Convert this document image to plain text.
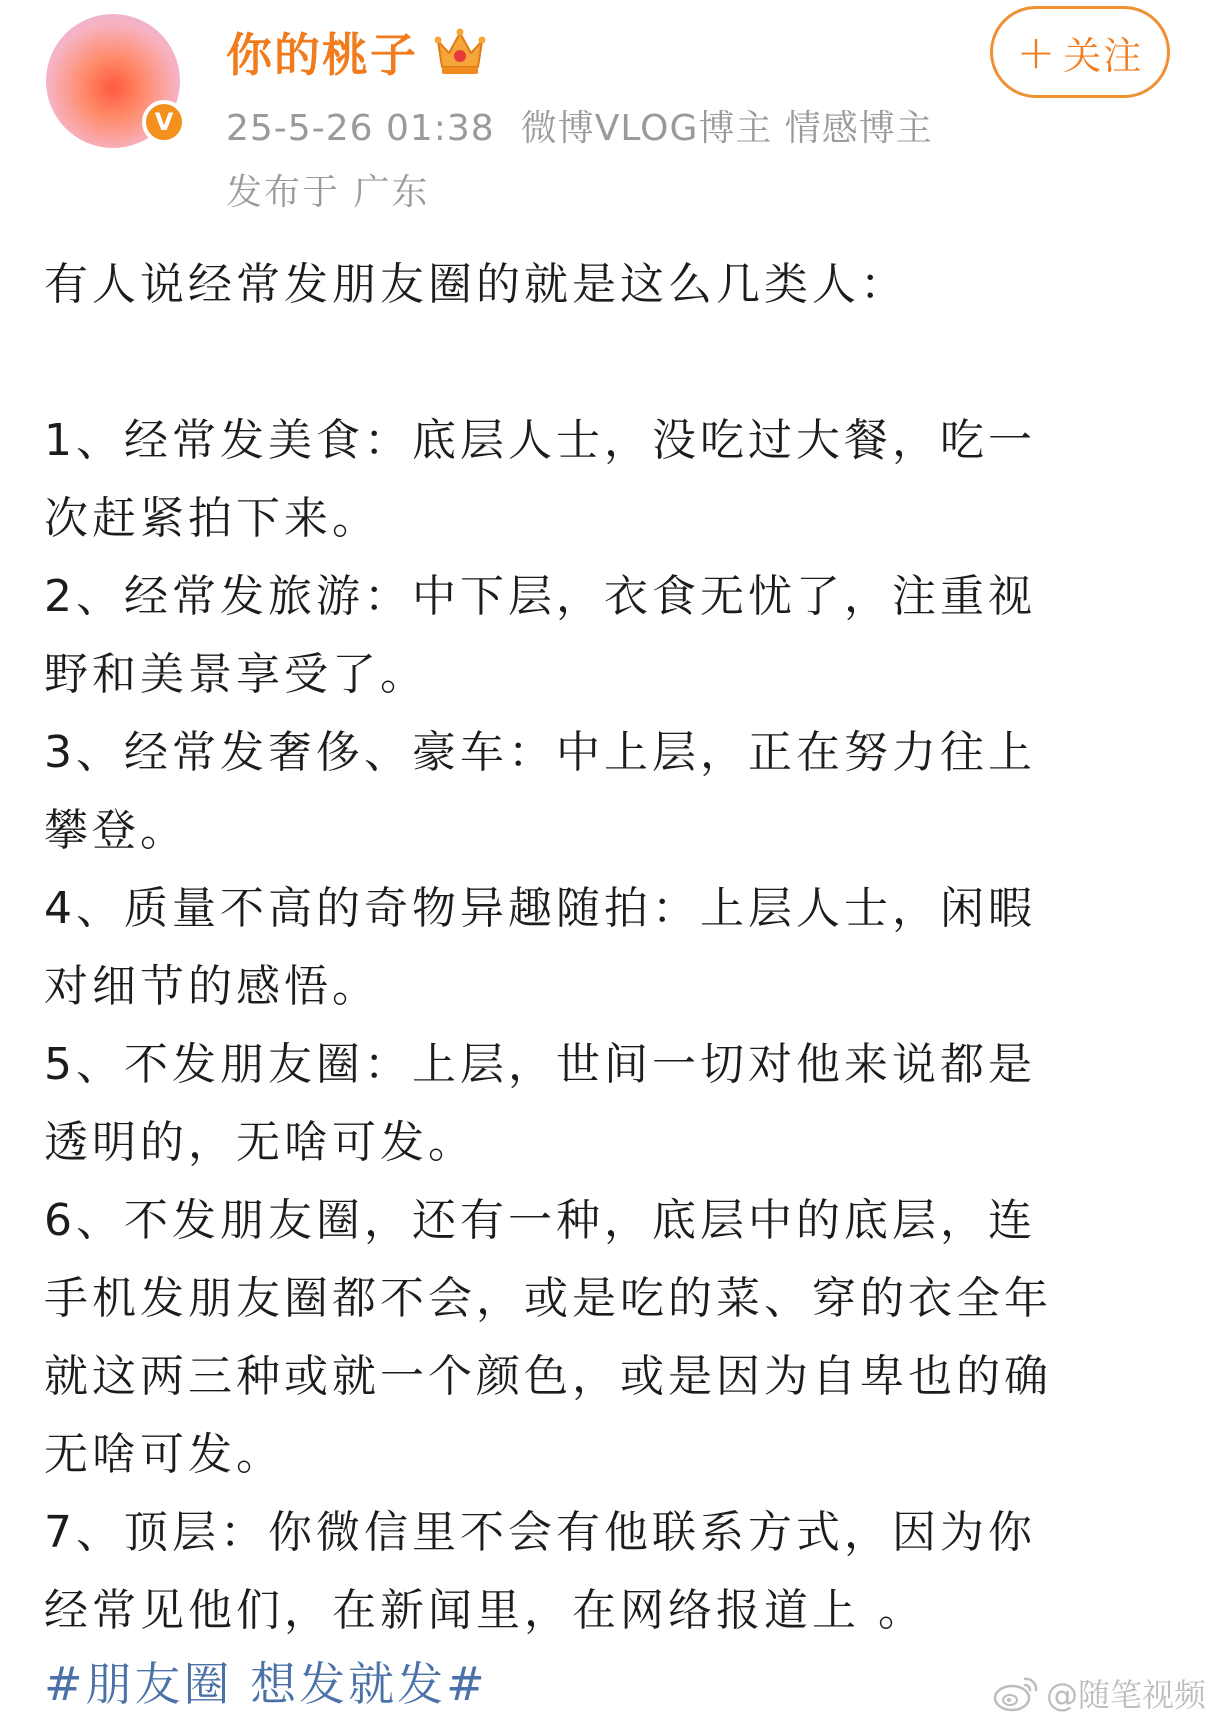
V
你的桃子
25-5-26 01:38 微博VLOG博主 情感博主
发布于 广东
+ 关注
有人说经常发朋友圈的就是这么几类人：
1、经常发美食：底层人士，没吃过大餐，吃一
次赶紧拍下来。
2、经常发旅游：中下层，衣食无忧了，注重视
野和美景享受了。
3、经常发奢侈、豪车：中上层，正在努力往上
攀登。
4、质量不高的奇物异趣随拍：上层人士，闲暇
对细节的感悟。
5、不发朋友圈：上层，世间一切对他来说都是
透明的，无啥可发。
6、不发朋友圈，还有一种，底层中的底层，连
手机发朋友圈都不会，或是吃的菜、穿的衣全年
就这两三种或就一个颜色，或是因为自卑也的确
无啥可发。
7、顶层：你微信里不会有他联系方式，因为你
经常见他们，在新闻里，在网络报道上 。
#朋友圈 想发就发#	@随笔视频
